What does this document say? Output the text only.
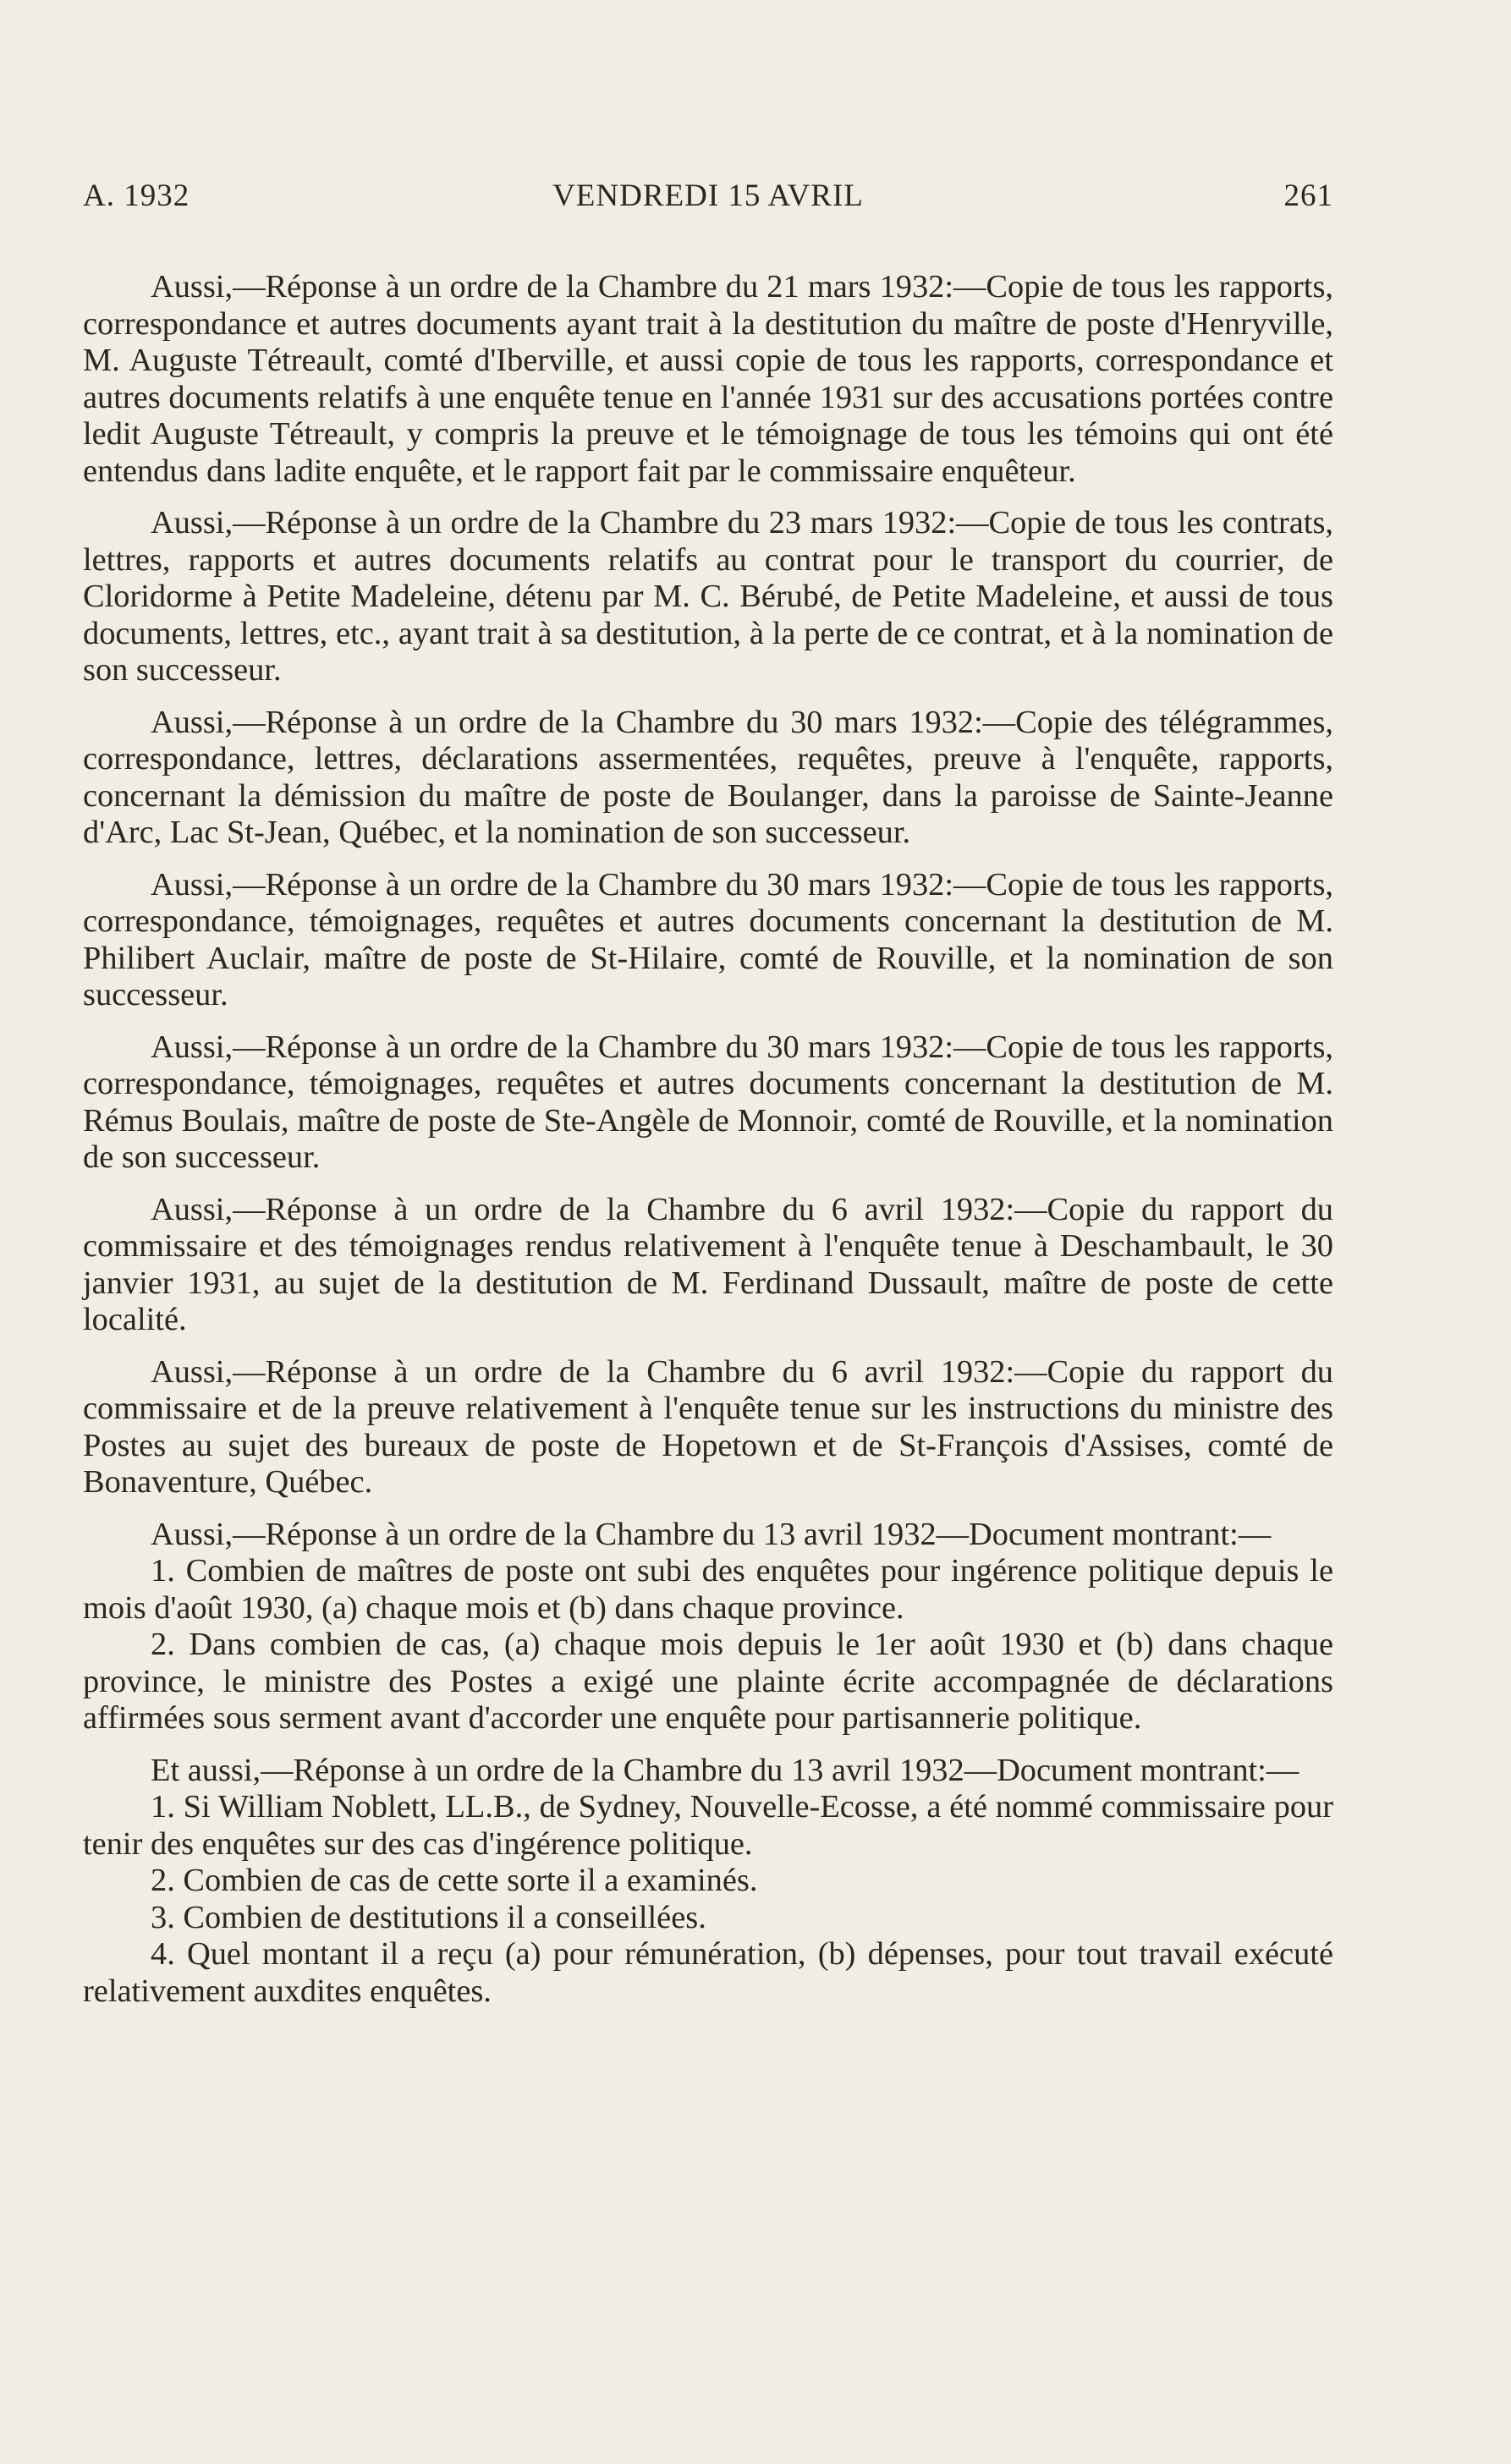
A. 1932	VENDREDI 15 AVRIL	261

Aussi,—Réponse à un ordre de la Chambre du 21 mars 1932:—Copie de tous les rapports, correspondance et autres documents ayant trait à la destitution du maître de poste d'Henryville, M. Auguste Tétreault, comté d'Iberville, et aussi copie de tous les rapports, correspondance et autres documents relatifs à une enquête tenue en l'année 1931 sur des accusations portées contre ledit Auguste Tétreault, y compris la preuve et le témoignage de tous les témoins qui ont été entendus dans ladite enquête, et le rapport fait par le commissaire enquêteur.

Aussi,—Réponse à un ordre de la Chambre du 23 mars 1932:—Copie de tous les contrats, lettres, rapports et autres documents relatifs au contrat pour le transport du courrier, de Cloridorme à Petite Madeleine, détenu par M. C. Bérubé, de Petite Madeleine, et aussi de tous documents, lettres, etc., ayant trait à sa destitution, à la perte de ce contrat, et à la nomination de son successeur.

Aussi,—Réponse à un ordre de la Chambre du 30 mars 1932:—Copie des télégrammes, correspondance, lettres, déclarations assermentées, requêtes, preuve à l'enquête, rapports, concernant la démission du maître de poste de Boulanger, dans la paroisse de Sainte-Jeanne d'Arc, Lac St-Jean, Québec, et la nomination de son successeur.

Aussi,—Réponse à un ordre de la Chambre du 30 mars 1932:—Copie de tous les rapports, correspondance, témoignages, requêtes et autres documents concernant la destitution de M. Philibert Auclair, maître de poste de St-Hilaire, comté de Rouville, et la nomination de son successeur.

Aussi,—Réponse à un ordre de la Chambre du 30 mars 1932:—Copie de tous les rapports, correspondance, témoignages, requêtes et autres documents concernant la destitution de M. Rémus Boulais, maître de poste de Ste-Angèle de Monnoir, comté de Rouville, et la nomination de son successeur.

Aussi,—Réponse à un ordre de la Chambre du 6 avril 1932:—Copie du rapport du commissaire et des témoignages rendus relativement à l'enquête tenue à Deschambault, le 30 janvier 1931, au sujet de la destitution de M. Ferdinand Dussault, maître de poste de cette localité.

Aussi,—Réponse à un ordre de la Chambre du 6 avril 1932:—Copie du rapport du commissaire et de la preuve relativement à l'enquête tenue sur les instructions du ministre des Postes au sujet des bureaux de poste de Hopetown et de St-François d'Assises, comté de Bonaventure, Québec.

Aussi,—Réponse à un ordre de la Chambre du 13 avril 1932—Document montrant:—

1. Combien de maîtres de poste ont subi des enquêtes pour ingérence politique depuis le mois d'août 1930, (a) chaque mois et (b) dans chaque province.

2. Dans combien de cas, (a) chaque mois depuis le 1er août 1930 et (b) dans chaque province, le ministre des Postes a exigé une plainte écrite accompagnée de déclarations affirmées sous serment avant d'accorder une enquête pour partisannerie politique.

Et aussi,—Réponse à un ordre de la Chambre du 13 avril 1932—Document montrant:—

1. Si William Noblett, LL.B., de Sydney, Nouvelle-Ecosse, a été nommé commissaire pour tenir des enquêtes sur des cas d'ingérence politique.

2. Combien de cas de cette sorte il a examinés.

3. Combien de destitutions il a conseillées.

4. Quel montant il a reçu (a) pour rémunération, (b) dépenses, pour tout travail exécuté relativement auxdites enquêtes.
